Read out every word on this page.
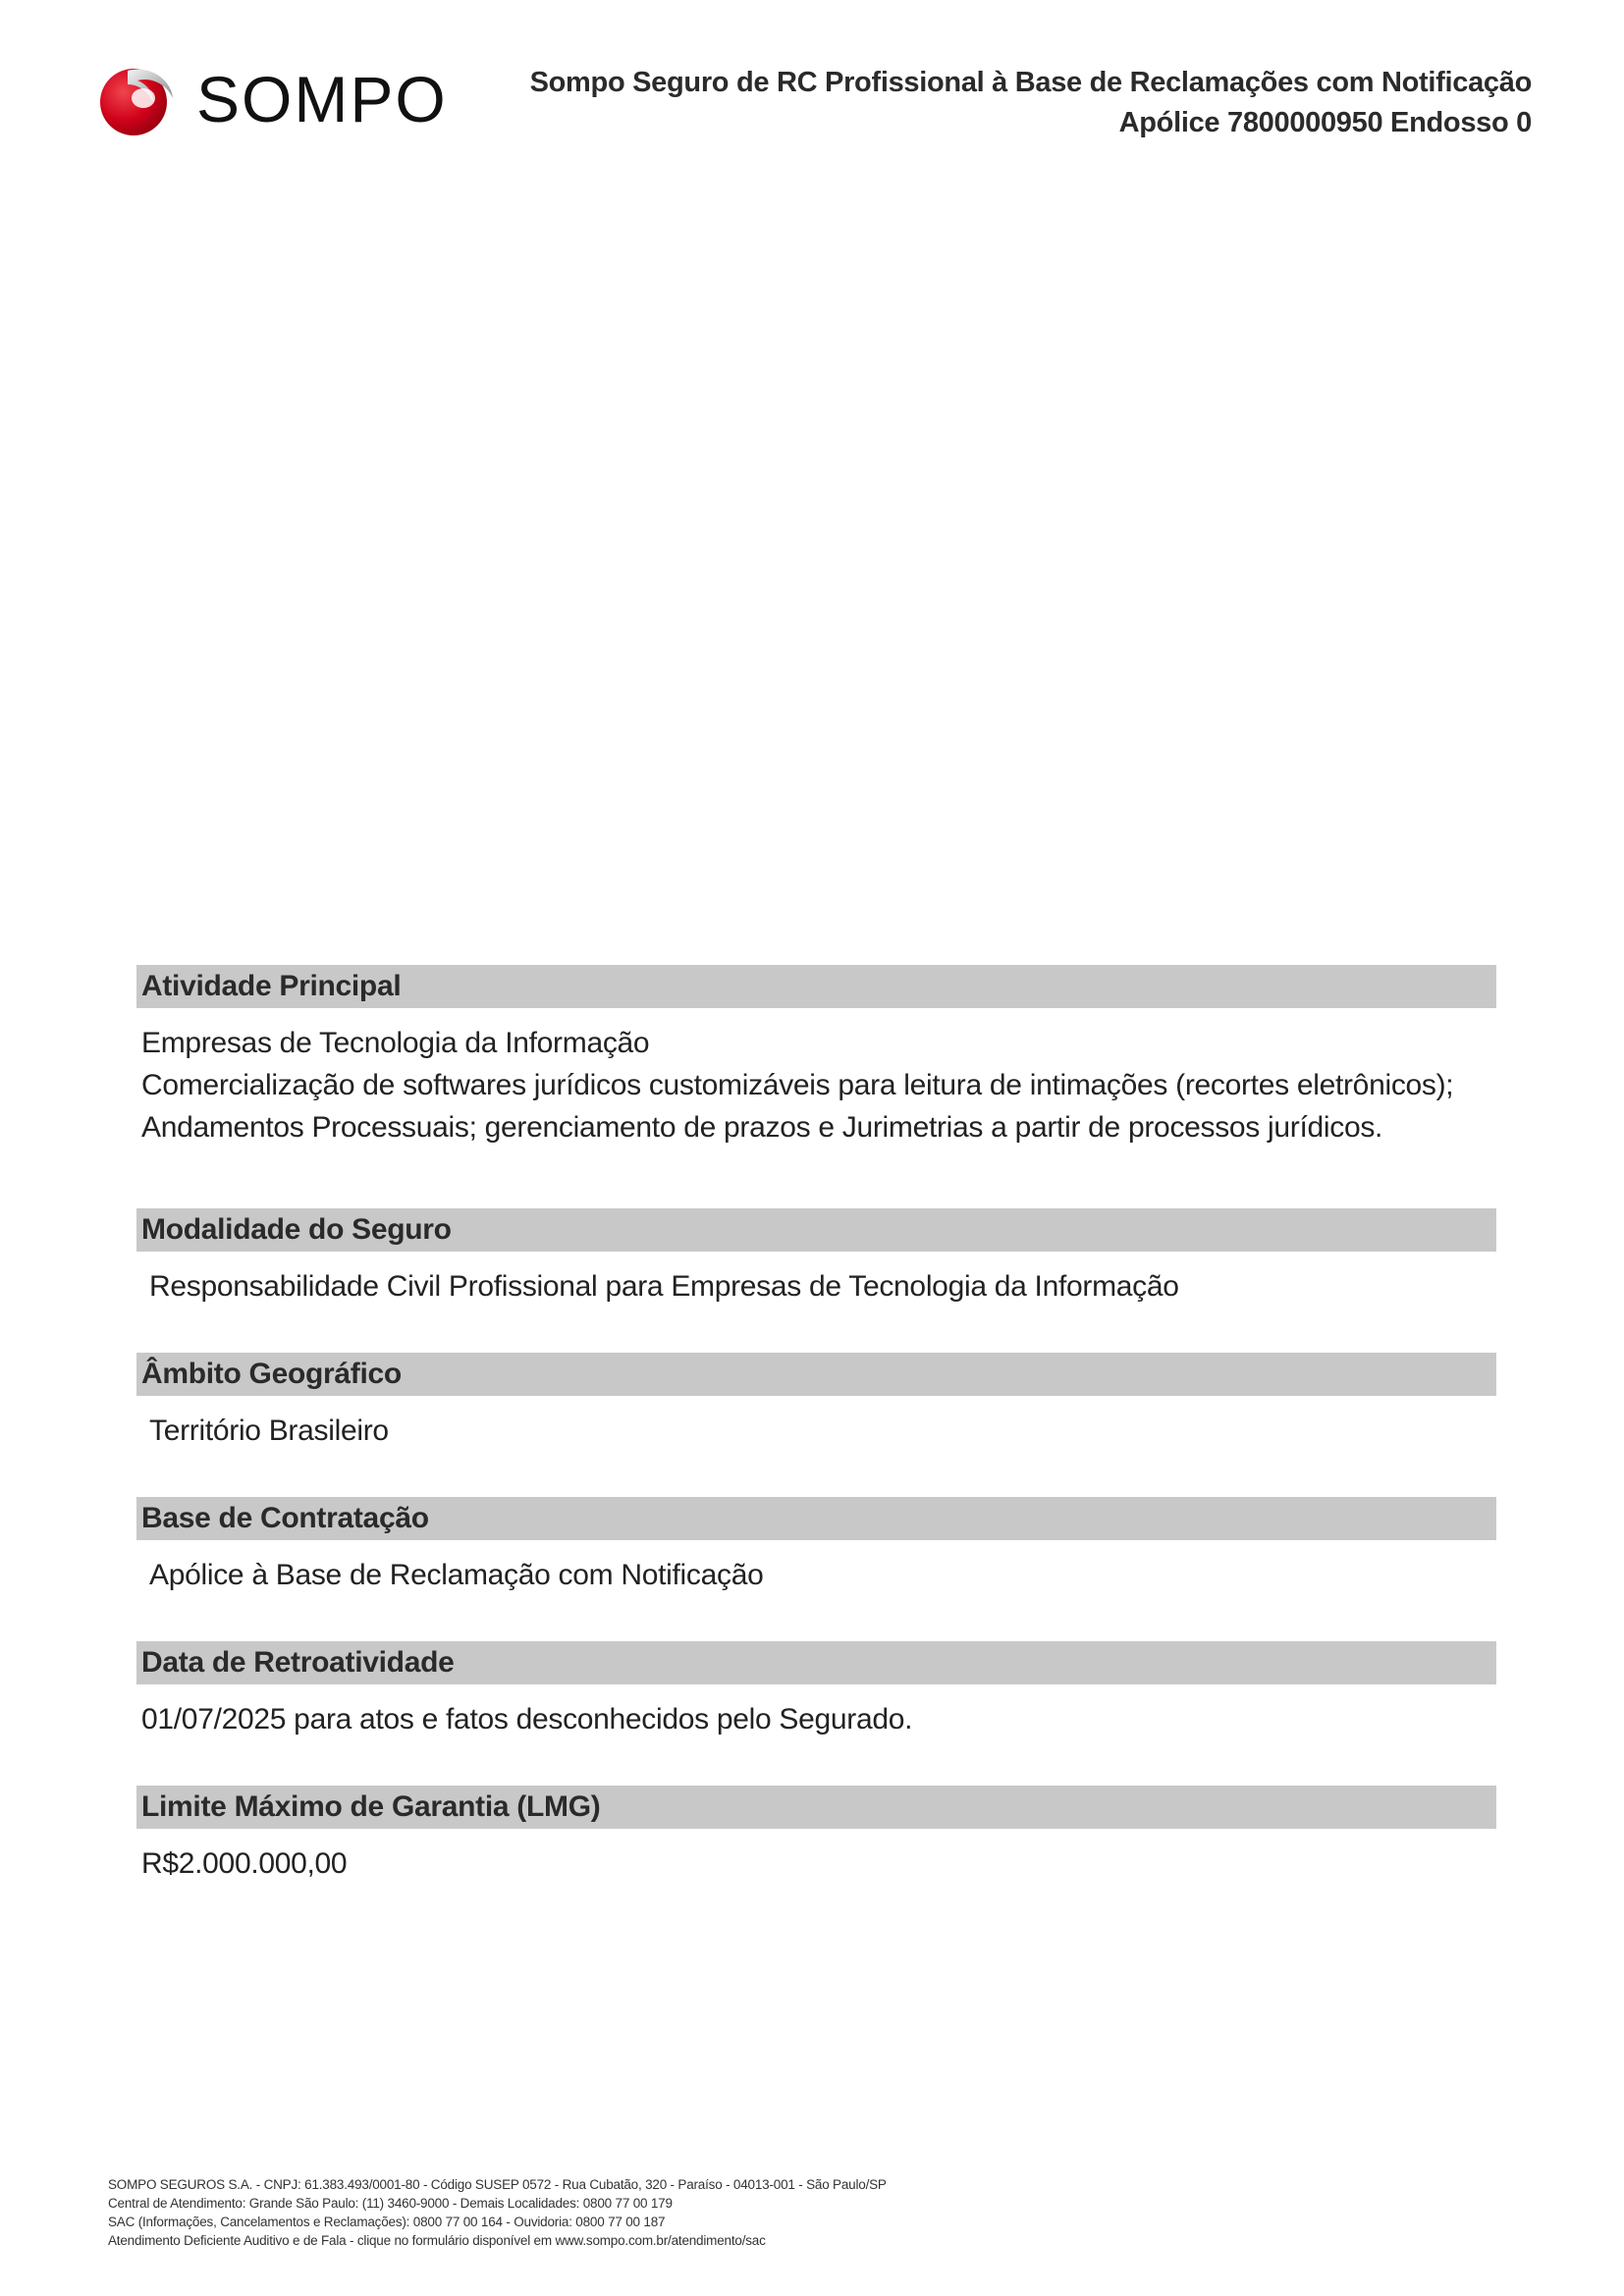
SOMPO	Sompo Seguro de RC Profissional à Base de Reclamações com Notificação
Apólice 7800000950 Endosso 0
Atividade Principal
Empresas de Tecnologia da Informação
Comercialização de softwares jurídicos customizáveis para leitura de intimações (recortes eletrônicos);
Andamentos Processuais; gerenciamento de prazos e Jurimetrias a partir de processos jurídicos.
Modalidade do Seguro
Responsabilidade Civil Profissional para Empresas de Tecnologia da Informação
Âmbito Geográfico
Território Brasileiro
Base de Contratação
Apólice à Base de Reclamação com Notificação
Data de Retroatividade
01/07/2025 para atos e fatos desconhecidos pelo Segurado.
Limite Máximo de Garantia (LMG)
R$2.000.000,00
SOMPO SEGUROS S.A. - CNPJ: 61.383.493/0001-80 - Código SUSEP 0572 - Rua Cubatão, 320 - Paraíso - 04013-001 - São Paulo/SP
Central de Atendimento: Grande São Paulo: (11) 3460-9000 - Demais Localidades: 0800 77 00 179
SAC (Informações, Cancelamentos e Reclamações): 0800 77 00 164 - Ouvidoria: 0800 77 00 187
Atendimento Deficiente Auditivo e de Fala - clique no formulário disponível em www.sompo.com.br/atendimento/sac
